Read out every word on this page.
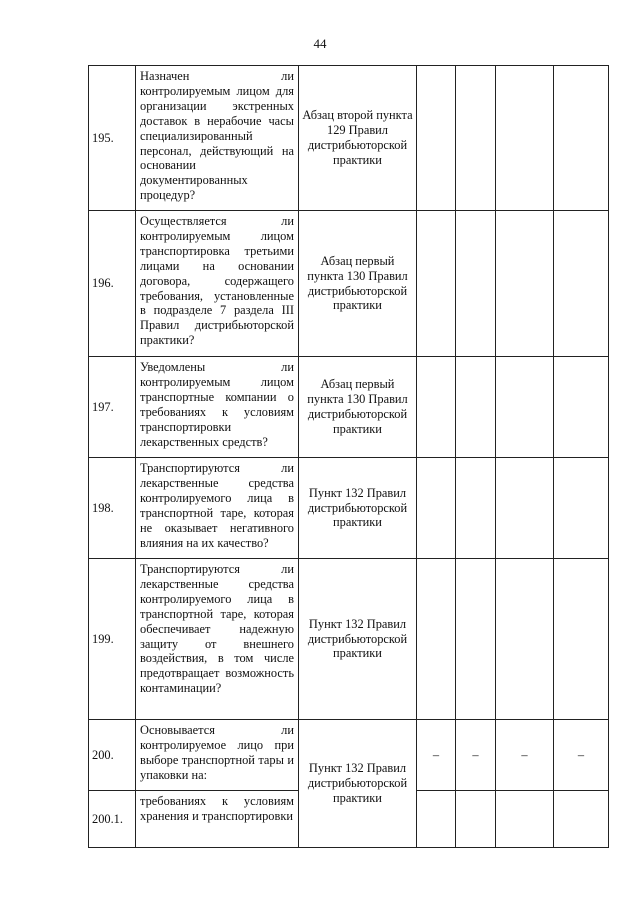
44
195.	Назначен ли контролируемым лицом для организации экстренных доставок в нерабочие часы специализированный персонал, действующий на основании документированных процедур?	Абзац второй пункта 129 Правил дистрибьюторской практики				
196.	Осуществляется ли контролируемым лицом транспортировка третьими лицами на основании договора, содержащего требования, установленные в подразделе 7 раздела III Правил дистрибьюторской практики?	Абзац первый пункта 130 Правил дистрибьюторской практики				
197.	Уведомлены ли контролируемым лицом транспортные компании о требованиях к условиям транспортировки лекарственных средств?	Абзац первый пункта 130 Правил дистрибьюторской практики				
198.	Транспортируются ли лекарственные средства контролируемого лица в транспортной таре, которая не оказывает негативного влияния на их качество?	Пункт 132 Правил дистрибьюторской практики				
199.	Транспортируются ли лекарственные средства контролируемого лица в транспортной таре, которая обеспечивает надежную защиту от внешнего воздействия, в том числе предотвращает возможность контаминации?	Пункт 132 Правил дистрибьюторской практики				
200.	Основывается ли контролируемое лицо при выборе транспортной тары и упаковки на:	Пункт 132 Правил дистрибьюторской практики	–	–	–	–
200.1.	требованиях к условиям хранения и транспортировки					
